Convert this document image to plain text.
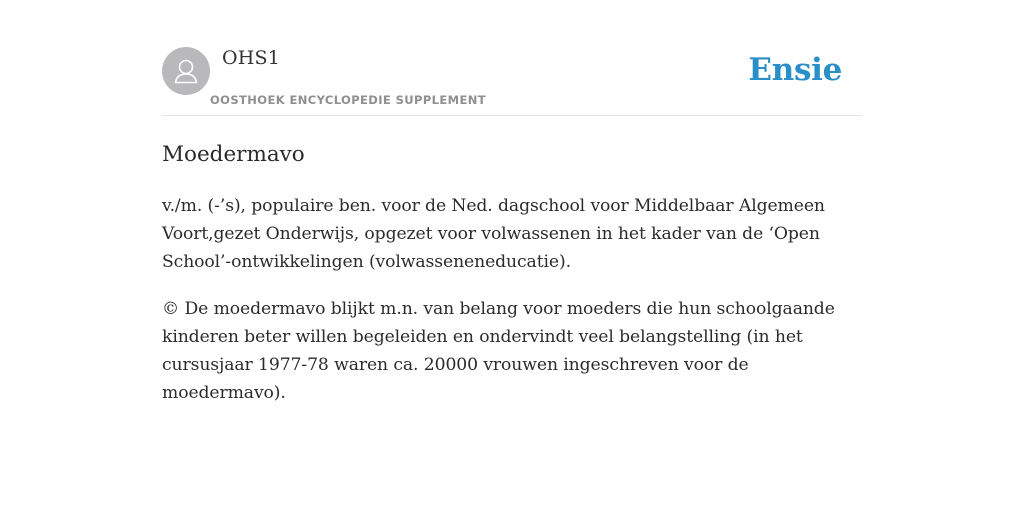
OHS1
OOSTHOEK ENCYCLOPEDIE SUPPLEMENT
Ensie
Moedermavo

v./m. (-’s), populaire ben. voor de Ned. dagschool voor Middelbaar Algemeen Voort,gezet Onderwijs, opgezet voor volwassenen in het kader van de ‘Open School’-ontwikkelingen (volwasseneneducatie).

© De moedermavo blijkt m.n. van belang voor moeders die hun schoolgaande kinderen beter willen begeleiden en ondervindt veel belangstelling (in het cursusjaar 1977-78 waren ca. 20000 vrouwen ingeschreven voor de moedermavo).
